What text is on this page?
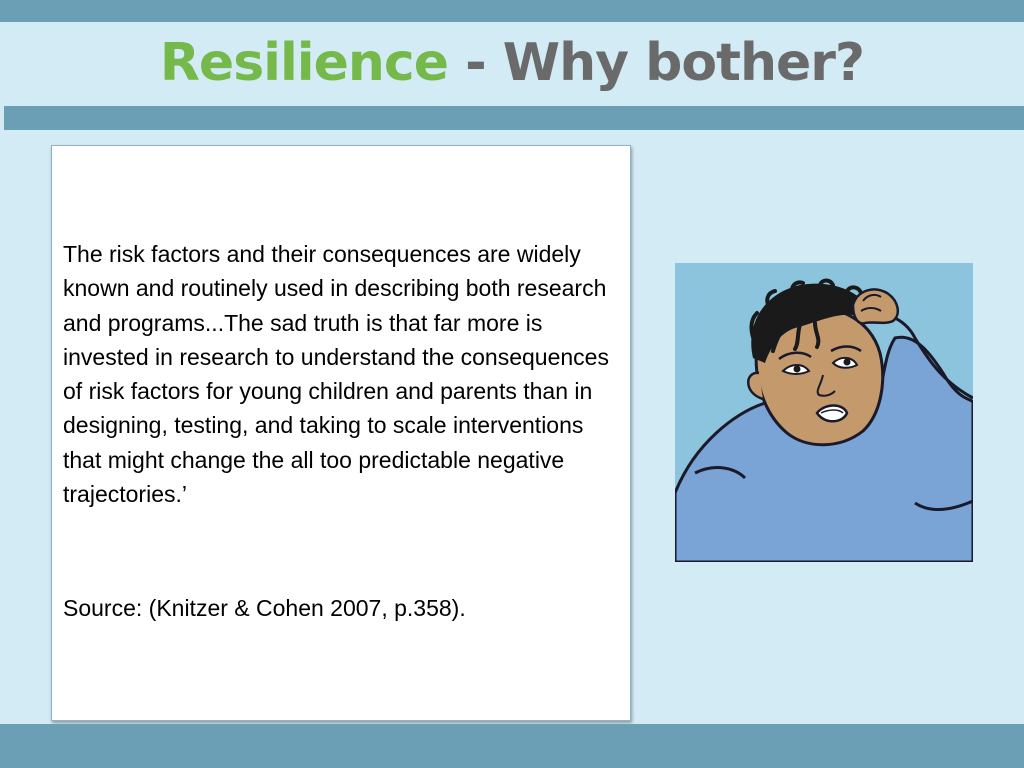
Resilience - Why bother?

The risk factors and their consequences are widely known and routinely used in describing both research and programs...The sad truth is that far more is invested in research to understand the consequences of risk factors for young children and parents than in designing, testing, and taking to scale interventions that might change the all too predictable negative trajectories.’

Source: (Knitzer & Cohen 2007, p.358).
